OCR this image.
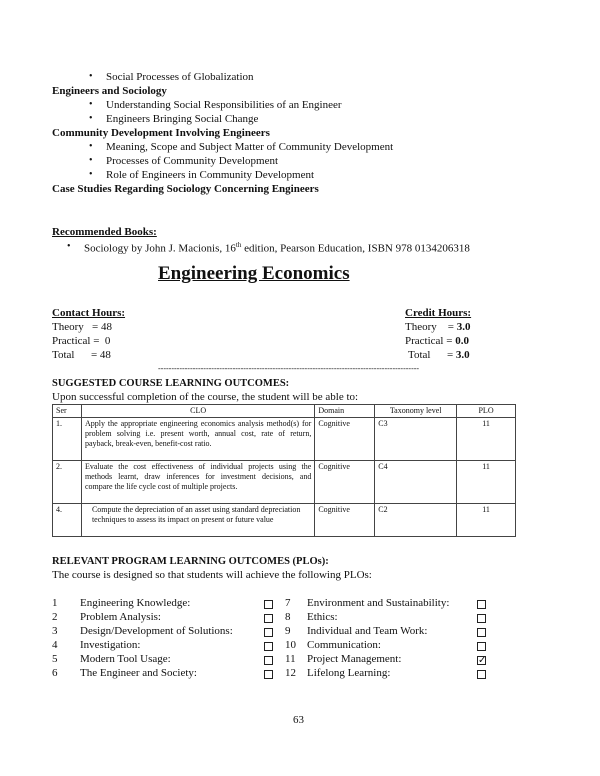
• Social Processes of Globalization
Engineers and Sociology
• Understanding Social Responsibilities of an Engineer
• Engineers Bringing Social Change
Community Development Involving Engineers
• Meaning, Scope and Subject Matter of Community Development
• Processes of Community Development
• Role of Engineers in Community Development
Case Studies Regarding Sociology Concerning Engineers
Recommended Books:
• Sociology by John J. Macionis, 16th edition, Pearson Education, ISBN 978 0134206318
Engineering Economics
Contact Hours:
Theory   = 48
Practical =  0
Total      = 48
Credit Hours:
Theory    = 3.0
Practical = 0.0
Total      = 3.0
--------------------------------------------------------------------------------------------------
SUGGESTED COURSE LEARNING OUTCOMES:
Upon successful completion of the course, the student will be able to:
Ser	CLO	Domain	Taxonomy level	PLO
1.	Apply the appropriate engineering economics analysis method(s) for problem solving i.e. present worth, annual cost, rate of return, payback, break-even, benefit-cost ratio.	Cognitive	C3	11
2.	Evaluate the cost effectiveness of individual projects using the methods learnt, draw inferences for investment decisions, and compare the life cycle cost of multiple projects.	Cognitive	C4	11
4.	Compute the depreciation of an asset using standard depreciation techniques to assess its impact on present or future value	Cognitive	C2	11
RELEVANT PROGRAM LEARNING OUTCOMES (PLOs):
The course is designed so that students will achieve the following PLOs:
63
1 Engineering Knowledge:
2 Problem Analysis:
3 Design/Development of Solutions:
4 Investigation:
5 Modern Tool Usage:
6 The Engineer and Society:
7 Environment and Sustainability:
8 Ethics:
9 Individual and Team Work:
10 Communication:
11 Project Management:	✓
12 Lifelong Learning:
